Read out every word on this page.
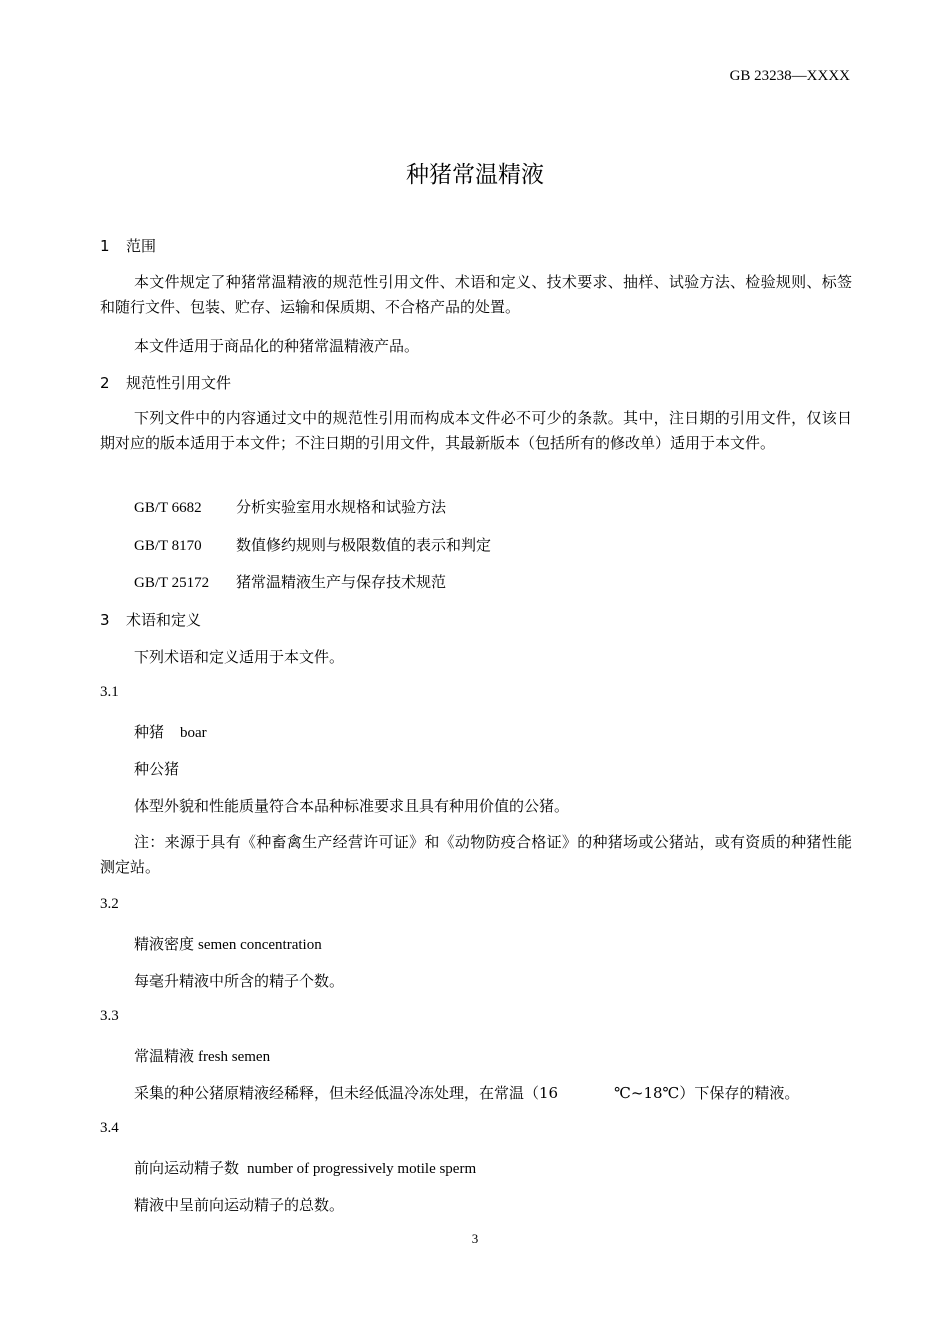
GB 23238—XXXX
种猪常温精液
1 范围
本文件规定了种猪常温精液的规范性引用文件、术语和定义、技术要求、抽样、试验方法、检验规则、标签和随行文件、包装、贮存、运输和保质期、不合格产品的处置。
本文件适用于商品化的种猪常温精液产品。
2 规范性引用文件
下列文件中的内容通过文中的规范性引用而构成本文件必不可少的条款。其中，注日期的引用文件，仅该日期对应的版本适用于本文件；不注日期的引用文件，其最新版本（包括所有的修改单）适用于本文件。
GB/T 6682 分析实验室用水规格和试验方法
GB/T 8170 数值修约规则与极限数值的表示和判定
GB/T 25172 猪常温精液生产与保存技术规范
3 术语和定义
下列术语和定义适用于本文件。
3.1
种猪 boar
种公猪
体型外貌和性能质量符合本品种标准要求且具有种用价值的公猪。
注：来源于具有《种畜禽生产经营许可证》和《动物防疫合格证》的种猪场或公猪站，或有资质的种猪性能测定站。
3.2
精液密度 semen concentration
每毫升精液中所含的精子个数。
3.3
常温精液 fresh semen
采集的种公猪原精液经稀释，但未经低温冷冻处理，在常温（16	℃~18℃）下保存的精液。
3.4
前向运动精子数 number of progressively motile sperm
精液中呈前向运动精子的总数。
3
